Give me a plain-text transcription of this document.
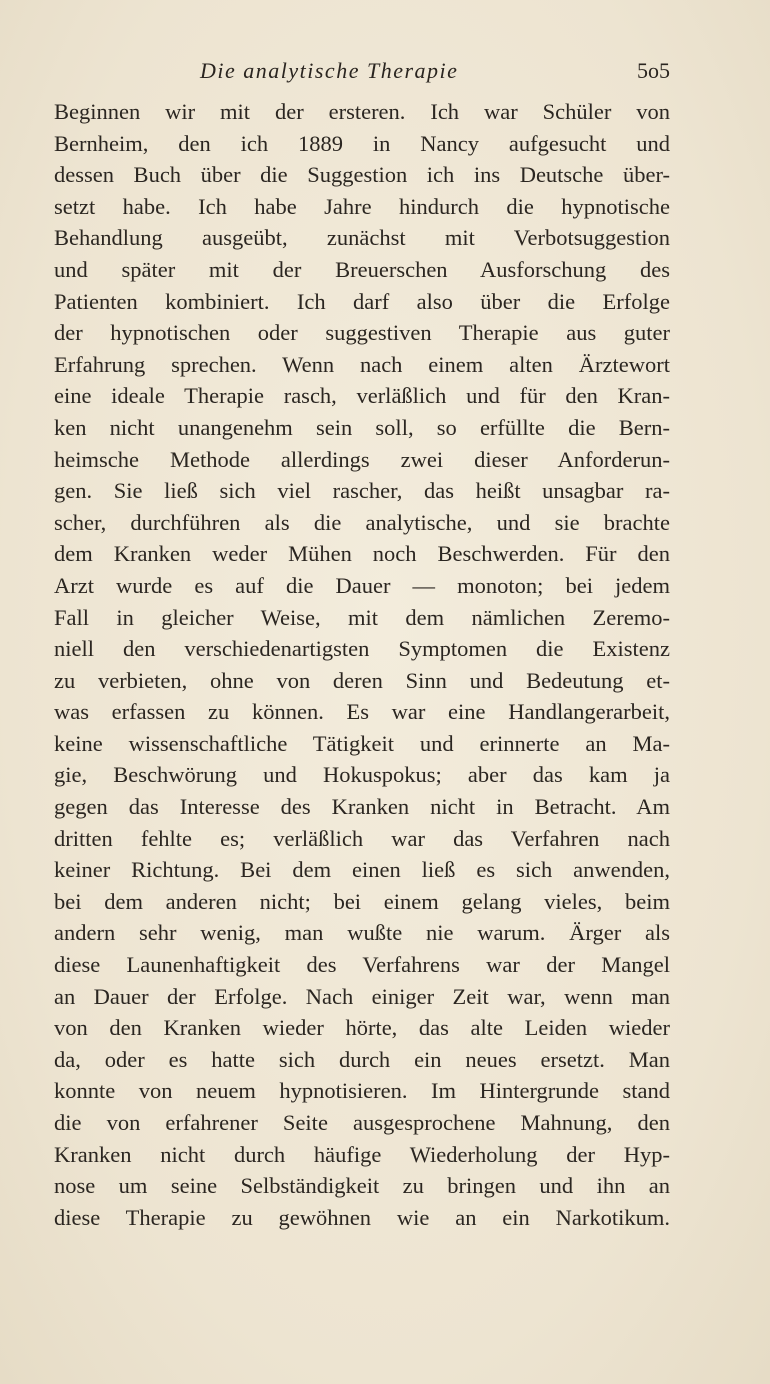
Die analytische Therapie	5o5
Beginnen wir mit der ersteren. Ich war Schüler von
Bernheim, den ich 1889 in Nancy aufgesucht und
dessen Buch über die Suggestion ich ins Deutsche über-
setzt habe. Ich habe Jahre hindurch die hypnotische
Behandlung ausgeübt, zunächst mit Verbotsuggestion
und später mit der Breuerschen Ausforschung des
Patienten kombiniert. Ich darf also über die Erfolge
der hypnotischen oder suggestiven Therapie aus guter
Erfahrung sprechen. Wenn nach einem alten Ärztewort
eine ideale Therapie rasch, verläßlich und für den Kran-
ken nicht unangenehm sein soll, so erfüllte die Bern-
heimsche Methode allerdings zwei dieser Anforderun-
gen. Sie ließ sich viel rascher, das heißt unsagbar ra-
scher, durchführen als die analytische, und sie brachte
dem Kranken weder Mühen noch Beschwerden. Für den
Arzt wurde es auf die Dauer — monoton; bei jedem
Fall in gleicher Weise, mit dem nämlichen Zeremo-
niell den verschiedenartigsten Symptomen die Existenz
zu verbieten, ohne von deren Sinn und Bedeutung et-
was erfassen zu können. Es war eine Handlangerarbeit,
keine wissenschaftliche Tätigkeit und erinnerte an Ma-
gie, Beschwörung und Hokuspokus; aber das kam ja
gegen das Interesse des Kranken nicht in Betracht. Am
dritten fehlte es; verläßlich war das Verfahren nach
keiner Richtung. Bei dem einen ließ es sich anwenden,
bei dem anderen nicht; bei einem gelang vieles, beim
andern sehr wenig, man wußte nie warum. Ärger als
diese Launenhaftigkeit des Verfahrens war der Mangel
an Dauer der Erfolge. Nach einiger Zeit war, wenn man
von den Kranken wieder hörte, das alte Leiden wieder
da, oder es hatte sich durch ein neues ersetzt. Man
konnte von neuem hypnotisieren. Im Hintergrunde stand
die von erfahrener Seite ausgesprochene Mahnung, den
Kranken nicht durch häufige Wiederholung der Hyp-
nose um seine Selbständigkeit zu bringen und ihn an
diese Therapie zu gewöhnen wie an ein Narkotikum.
